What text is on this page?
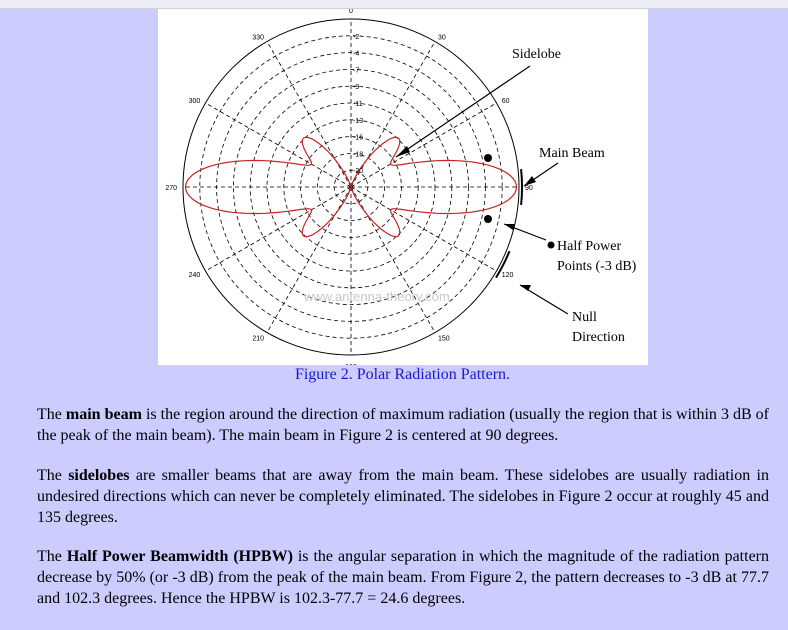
0
30
60
90
120
150
210
240
270
300
330	-2
-4
-7
-9
-11
-13
-16
-18
-20
www.antenna-theory.com
Sidelobe
Main Beam
Half Power
Points (-3 dB)
Null
Direction
Figure 2. Polar Radiation Pattern.

The main beam is the region around the direction of maximum radiation (usually the region that is within 3 dB of the peak of the main beam). The main beam in Figure 2 is centered at 90 degrees.

The sidelobes are smaller beams that are away from the main beam. These sidelobes are usually radiation in undesired directions which can never be completely eliminated. The sidelobes in Figure 2 occur at roughly 45 and 135 degrees.

The Half Power Beamwidth (HPBW) is the angular separation in which the magnitude of the radiation pattern decrease by 50% (or -3 dB) from the peak of the main beam. From Figure 2, the pattern decreases to -3 dB at 77.7 and 102.3 degrees. Hence the HPBW is 102.3-77.7 = 24.6 degrees.
